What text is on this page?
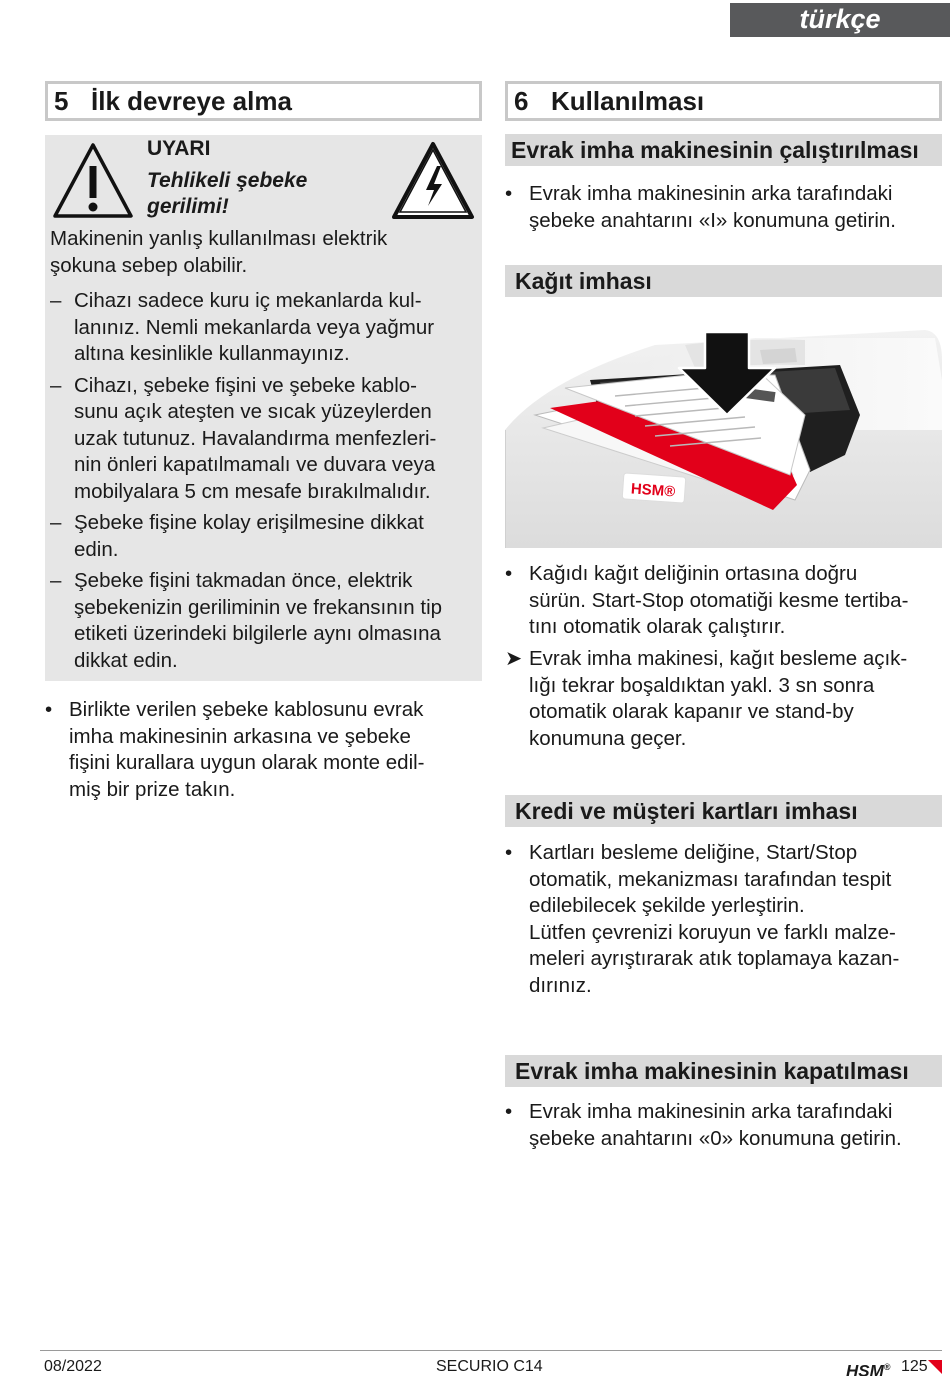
türkçe
5 İlk devreye alma
UYARI
Tehlikeli şebeke
gerilimi!
Makinenin yanlış kullanılması elektrik
şokuna sebep olabilir.
– Cihazı sadece kuru iç mekanlarda kul-
lanınız. Nemli mekanlarda veya yağmur
altına kesinlikle kullanmayınız.
– Cihazı, şebeke fişini ve şebeke kablo-
sunu açık ateşten ve sıcak yüzeylerden
uzak tutunuz. Havalandırma menfezleri-
nin önleri kapatılmamalı ve duvara veya
mobilyalara 5 cm mesafe bırakılmalıdır.
– Şebeke fişine kolay erişilmesine dikkat
edin.
– Şebeke fişini takmadan önce, elektrik
şebekenizin geriliminin ve frekansının tip
etiketi üzerindeki bilgilerle aynı olmasına
dikkat edin.
• Birlikte verilen şebeke kablosunu evrak
imha makinesinin arkasına ve şebeke
fişini kurallara uygun olarak monte edil-
miş bir prize takın.
6 Kullanılması
Evrak imha makinesinin çalıştırılması
• Evrak imha makinesinin arka tarafındaki
şebeke anahtarını «I» konumuna getirin.
Kağıt imhası
HSM®
• Kağıdı kağıt deliğinin ortasına doğru
sürün. Start-Stop otomatiği kesme tertiba-
tını otomatik olarak çalıştırır.
➤ Evrak imha makinesi, kağıt besleme açık-
lığı tekrar boşaldıktan yakl. 3 sn sonra
otomatik olarak kapanır ve stand-by
konumuna geçer.
Kredi ve müşteri kartları imhası
• Kartları besleme deliğine, Start/Stop
otomatik, mekanizması tarafından tespit
edilebilecek şekilde yerleştirin.
Lütfen çevrenizi koruyun ve farklı malze-
meleri ayrıştırarak atık toplamaya kazan-
dırınız.
Evrak imha makinesinin kapatılması
• Evrak imha makinesinin arka tarafındaki
şebeke anahtarını «0» konumuna getirin.
08/2022	SECURIO C14	HSM® 125
